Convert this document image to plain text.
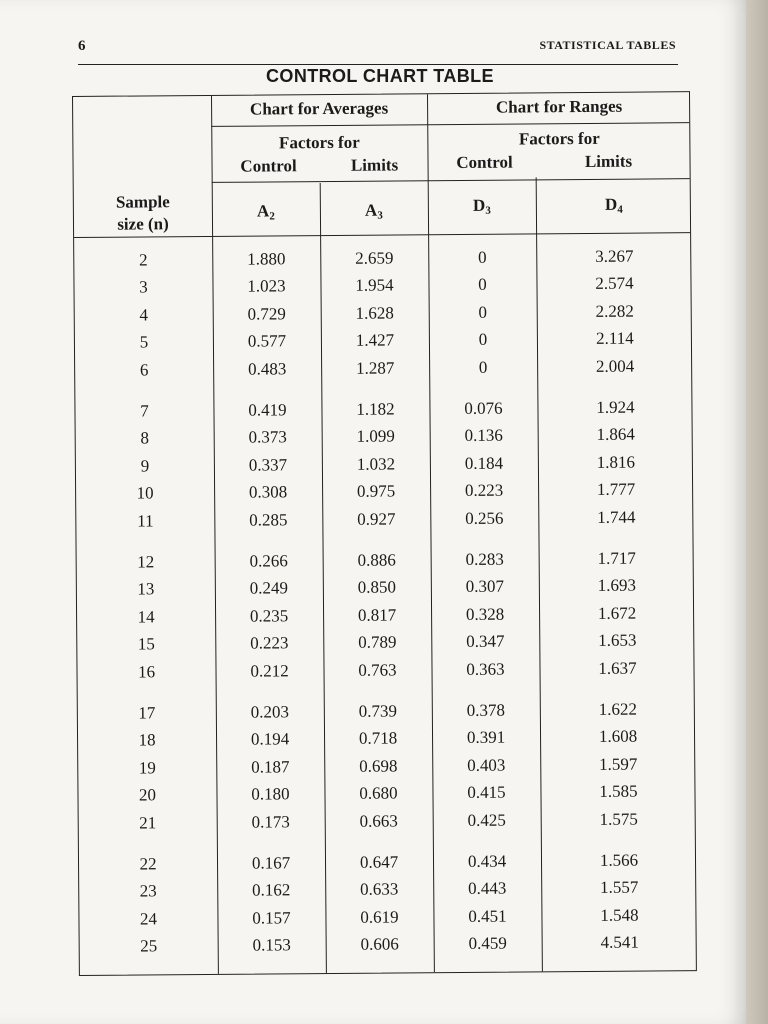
6	STATISTICAL TABLES
CONTROL CHART TABLE
Chart for Averages	Chart for Ranges
Factors for
Control	Limits
Factors for
Control	Limits
Sample
size (n)
$A_2$	$A_3$
$D_3$	$D_4$
2	1.880	2.659	0	3.267
3	1.023	1.954	0	2.574
4	0.729	1.628	0	2.282
5	0.577	1.427	0	2.114
6	0.483	1.287	0	2.004
7	0.419	1.182	0.076	1.924
8	0.373	1.099	0.136	1.864
9	0.337	1.032	0.184	1.816
10	0.308	0.975	0.223	1.777
11	0.285	0.927	0.256	1.744
12	0.266	0.886	0.283	1.717
13	0.249	0.850	0.307	1.693
14	0.235	0.817	0.328	1.672
15	0.223	0.789	0.347	1.653
16	0.212	0.763	0.363	1.637
17	0.203	0.739	0.378	1.622
18	0.194	0.718	0.391	1.608
19	0.187	0.698	0.403	1.597
20	0.180	0.680	0.415	1.585
21	0.173	0.663	0.425	1.575
22	0.167	0.647	0.434	1.566
23	0.162	0.633	0.443	1.557
24	0.157	0.619	0.451	1.548
25	0.153	0.606	0.459	4.541
